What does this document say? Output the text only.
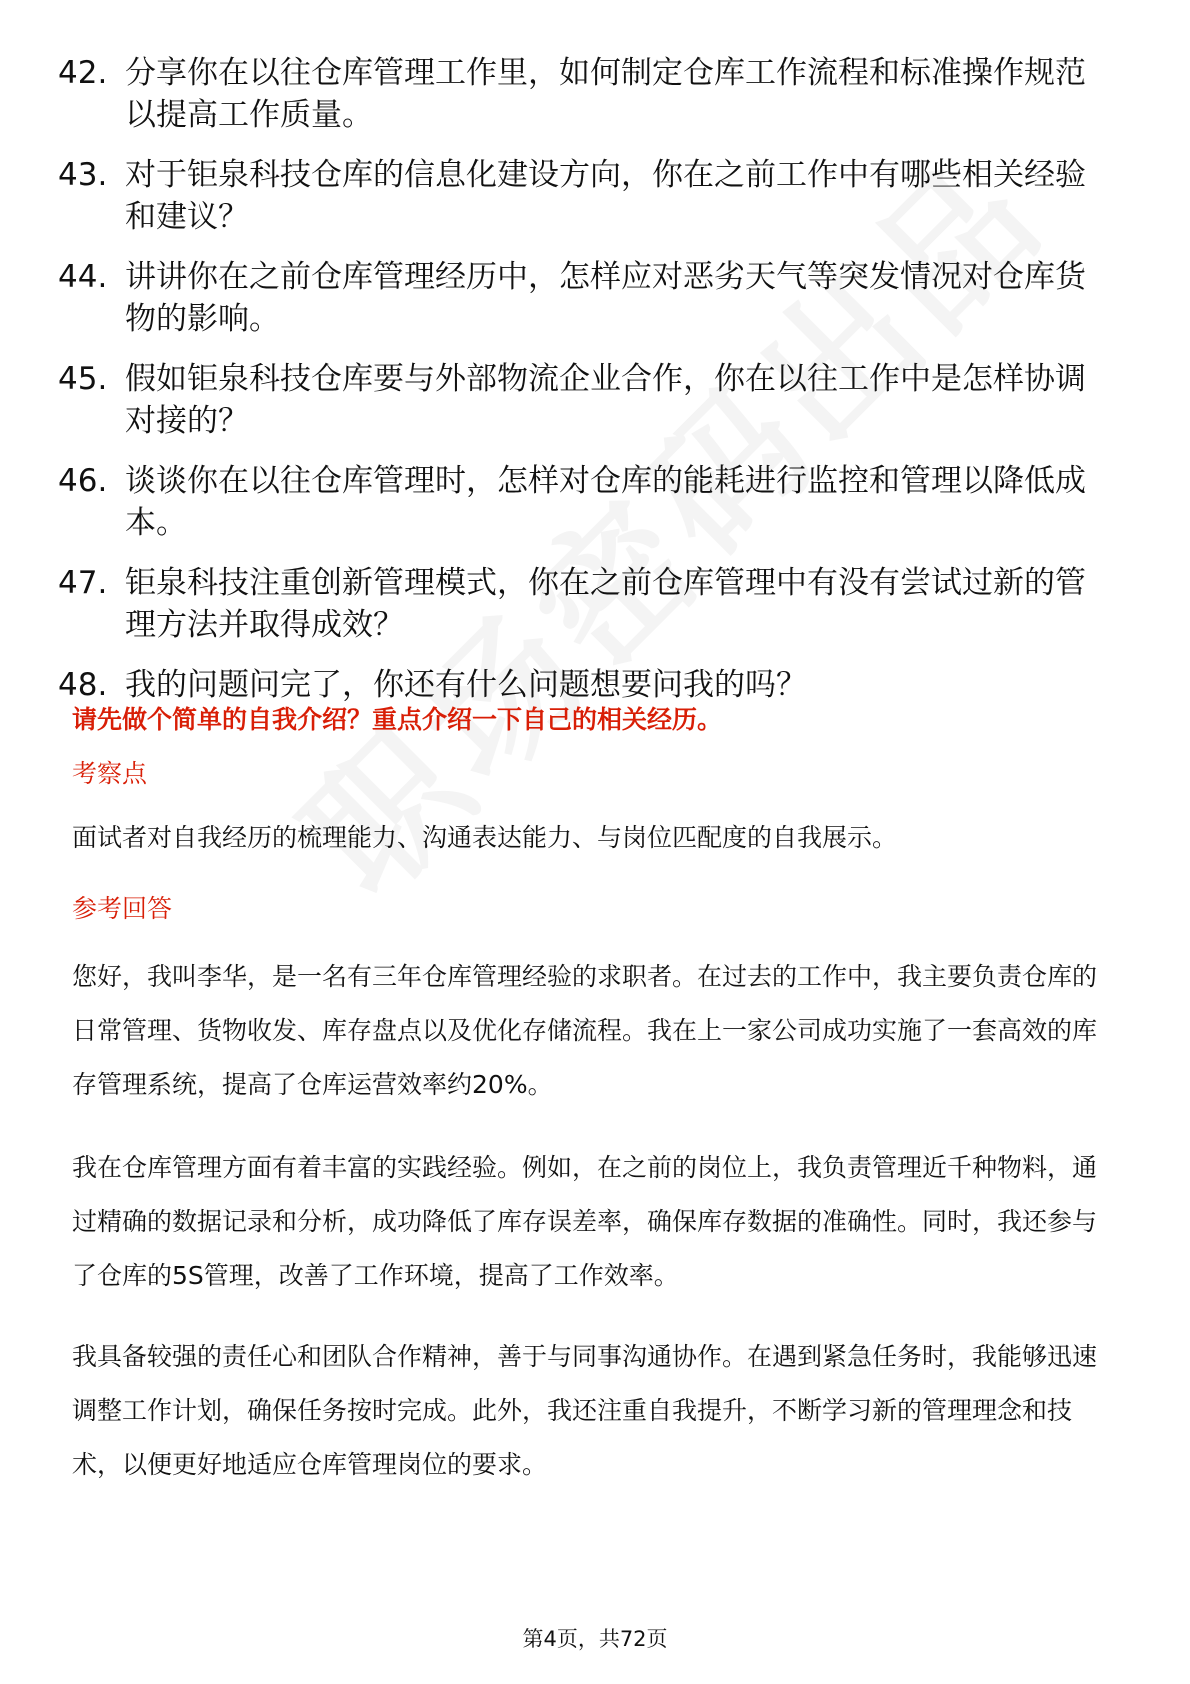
42. 分享你在以往仓库管理工作里，如何制定仓库工作流程和标准操作规范以提高工作质量。
43. 对于钜泉科技仓库的信息化建设方向，你在之前工作中有哪些相关经验和建议？
44. 讲讲你在之前仓库管理经历中，怎样应对恶劣天气等突发情况对仓库货物的影响。
45. 假如钜泉科技仓库要与外部物流企业合作，你在以往工作中是怎样协调对接的？
46. 谈谈你在以往仓库管理时，怎样对仓库的能耗进行监控和管理以降低成本。
47. 钜泉科技注重创新管理模式，你在之前仓库管理中有没有尝试过新的管理方法并取得成效？
48. 我的问题问完了，你还有什么问题想要问我的吗？
请先做个简单的自我介绍？重点介绍一下自己的相关经历。
考察点
面试者对自我经历的梳理能力、沟通表达能力、与岗位匹配度的自我展示。
参考回答
您好，我叫李华，是一名有三年仓库管理经验的求职者。在过去的工作中，我主要负责仓库的日常管理、货物收发、库存盘点以及优化存储流程。我在上一家公司成功实施了一套高效的库存管理系统，提高了仓库运营效率约20%。
我在仓库管理方面有着丰富的实践经验。例如，在之前的岗位上，我负责管理近千种物料，通过精确的数据记录和分析，成功降低了库存误差率，确保库存数据的准确性。同时，我还参与了仓库的5S管理，改善了工作环境，提高了工作效率。
我具备较强的责任心和团队合作精神，善于与同事沟通协作。在遇到紧急任务时，我能够迅速调整工作计划，确保任务按时完成。此外，我还注重自我提升，不断学习新的管理理念和技术，以便更好地适应仓库管理岗位的要求。
第4页，共72页
